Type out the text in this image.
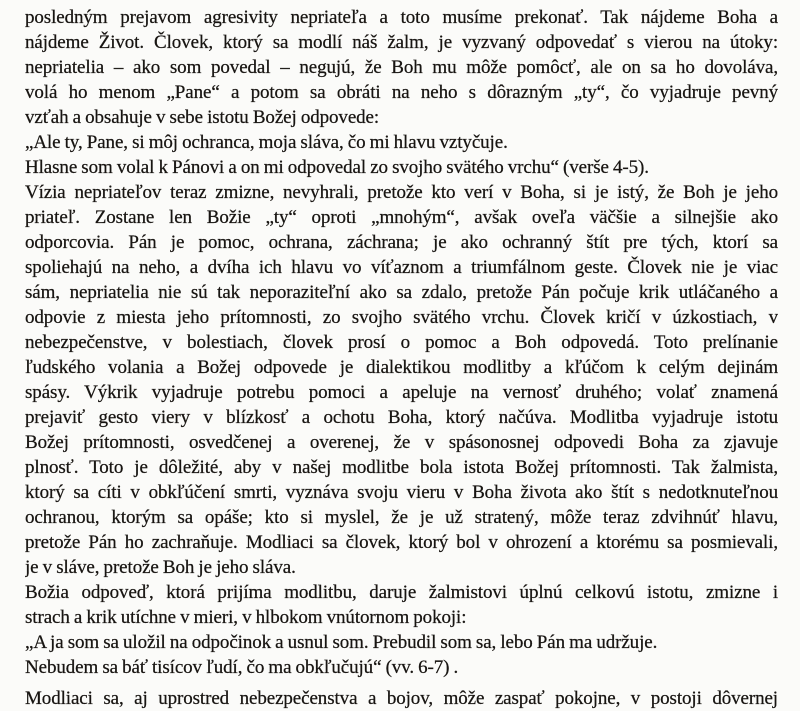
posledným prejavom agresivity nepriateľa a toto musíme prekonať. Tak nájdeme Boha a
nájdeme Život. Človek, ktorý sa modlí náš žalm, je vyzvaný odpovedať s vierou na útoky:
nepriatelia – ako som povedal – negujú, že Boh mu môže pomôcť, ale on sa ho dovoláva,
volá ho menom „Pane“ a potom sa obráti na neho s dôrazným „ty“, čo vyjadruje pevný
vzťah a obsahuje v sebe istotu Božej odpovede:
„Ale ty, Pane, si môj ochranca, moja sláva, čo mi hlavu vztyčuje.
Hlasne som volal k Pánovi a on mi odpovedal zo svojho svätého vrchu“ (verše 4-5).
Vízia nepriateľov teraz zmizne, nevyhrali, pretože kto verí v Boha, si je istý, že Boh je jeho
priateľ. Zostane len Božie „ty“ oproti „mnohým“, avšak oveľa väčšie a silnejšie ako
odporcovia. Pán je pomoc, ochrana, záchrana; je ako ochranný štít pre tých, ktorí sa
spoliehajú na neho, a dvíha ich hlavu vo víťaznom a triumfálnom geste. Človek nie je viac
sám, nepriatelia nie sú tak neporaziteľní ako sa zdalo, pretože Pán počuje krik utláčaného a
odpovie z miesta jeho prítomnosti, zo svojho svätého vrchu. Človek kričí v úzkostiach, v
nebezpečenstve, v bolestiach, človek prosí o pomoc a Boh odpovedá. Toto prelínanie
ľudského volania a Božej odpovede je dialektikou modlitby a kľúčom k celým dejinám
spásy. Výkrik vyjadruje potrebu pomoci a apeluje na vernosť druhého; volať znamená
prejaviť gesto viery v blízkosť a ochotu Boha, ktorý načúva. Modlitba vyjadruje istotu
Božej prítomnosti, osvedčenej a overenej, že v spásonosnej odpovedi Boha za zjavuje
plnosť. Toto je dôležité, aby v našej modlitbe bola istota Božej prítomnosti. Tak žalmista,
ktorý sa cíti v obkľúčení smrti, vyznáva svoju vieru v Boha života ako štít s nedotknuteľnou
ochranou, ktorým sa opáše; kto si myslel, že je už stratený, môže teraz zdvihnúť hlavu,
pretože Pán ho zachraňuje. Modliaci sa človek, ktorý bol v ohrození a ktorému sa posmievali,
je v sláve, pretože Boh je jeho sláva.
Božia odpoveď, ktorá prijíma modlitbu, daruje žalmistovi úplnú celkovú istotu, zmizne i
strach a krik utíchne v mieri, v hlbokom vnútornom pokoji:
„A ja som sa uložil na odpočinok a usnul som. Prebudil som sa, lebo Pán ma udržuje.
Nebudem sa báť tisícov ľudí, čo ma obkľučujú“ (vv. 6-7) .
Modliaci sa, aj uprostred nebezpečenstva a bojov, môže zaspať pokojne, v postoji dôvernej
